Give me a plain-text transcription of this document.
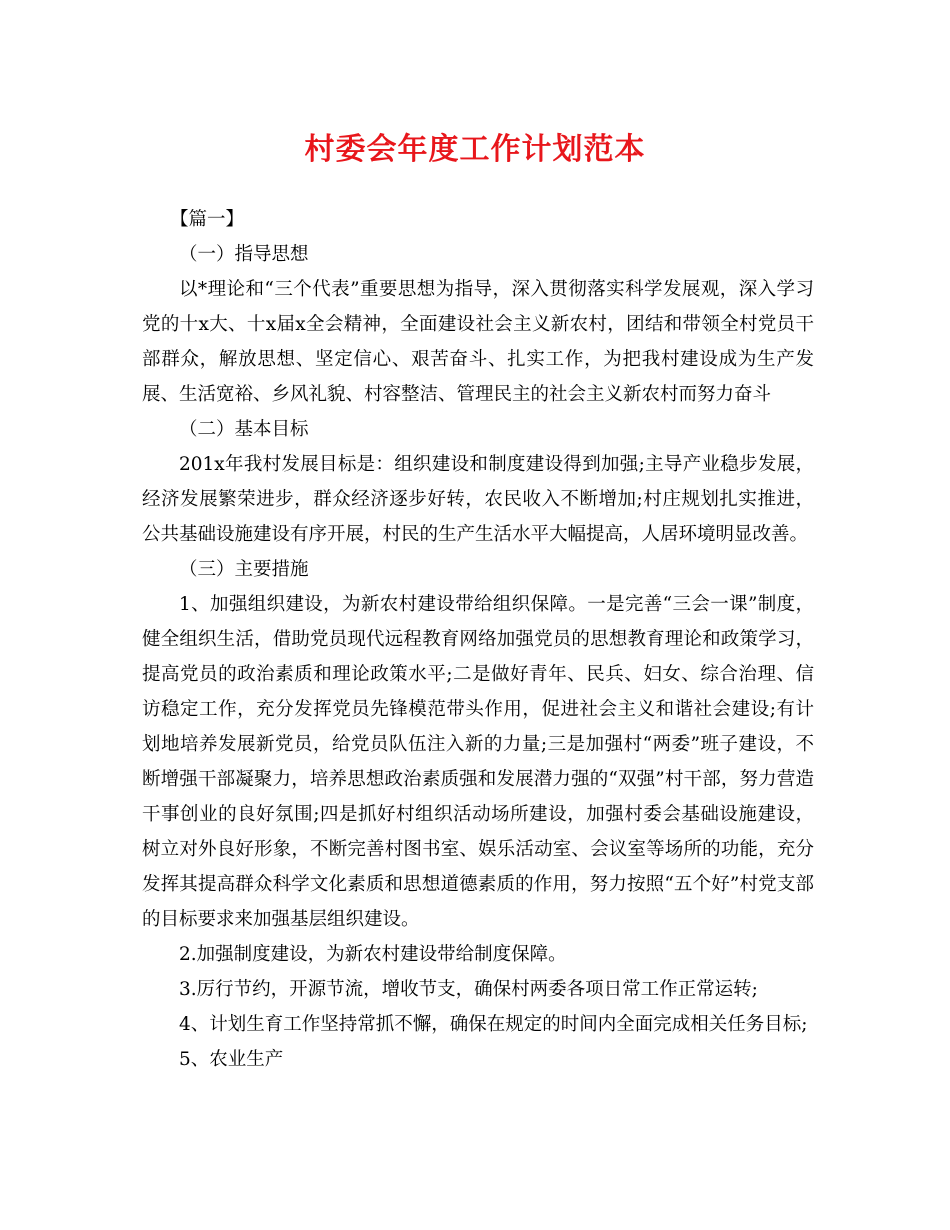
村委会年度工作计划范本

【篇一】

（一）指导思想

以*理论和“三个代表”重要思想为指导，深入贯彻落实科学发展观，深入学习党的十x大、十x届x全会精神，全面建设社会主义新农村，团结和带领全村党员干部群众，解放思想、坚定信心、艰苦奋斗、扎实工作，为把我村建设成为生产发展、生活宽裕、乡风礼貌、村容整洁、管理民主的社会主义新农村而努力奋斗

（二）基本目标

201x年我村发展目标是：组织建设和制度建设得到加强;主导产业稳步发展，经济发展繁荣进步，群众经济逐步好转，农民收入不断增加;村庄规划扎实推进，公共基础设施建设有序开展，村民的生产生活水平大幅提高，人居环境明显改善。

（三）主要措施

1、加强组织建设，为新农村建设带给组织保障。一是完善“三会一课”制度，健全组织生活，借助党员现代远程教育网络加强党员的思想教育理论和政策学习，提高党员的政治素质和理论政策水平;二是做好青年、民兵、妇女、综合治理、信访稳定工作，充分发挥党员先锋模范带头作用，促进社会主义和谐社会建设;有计划地培养发展新党员，给党员队伍注入新的力量;三是加强村“两委”班子建设，不断增强干部凝聚力，培养思想政治素质强和发展潜力强的“双强”村干部，努力营造干事创业的良好氛围;四是抓好村组织活动场所建设，加强村委会基础设施建设，树立对外良好形象，不断完善村图书室、娱乐活动室、会议室等场所的功能，充分发挥其提高群众科学文化素质和思想道德素质的作用，努力按照“五个好”村党支部的目标要求来加强基层组织建设。

2.加强制度建设，为新农村建设带给制度保障。

3.厉行节约，开源节流，增收节支，确保村两委各项日常工作正常运转;

4、计划生育工作坚持常抓不懈，确保在规定的时间内全面完成相关任务目标;

5、农业生产
